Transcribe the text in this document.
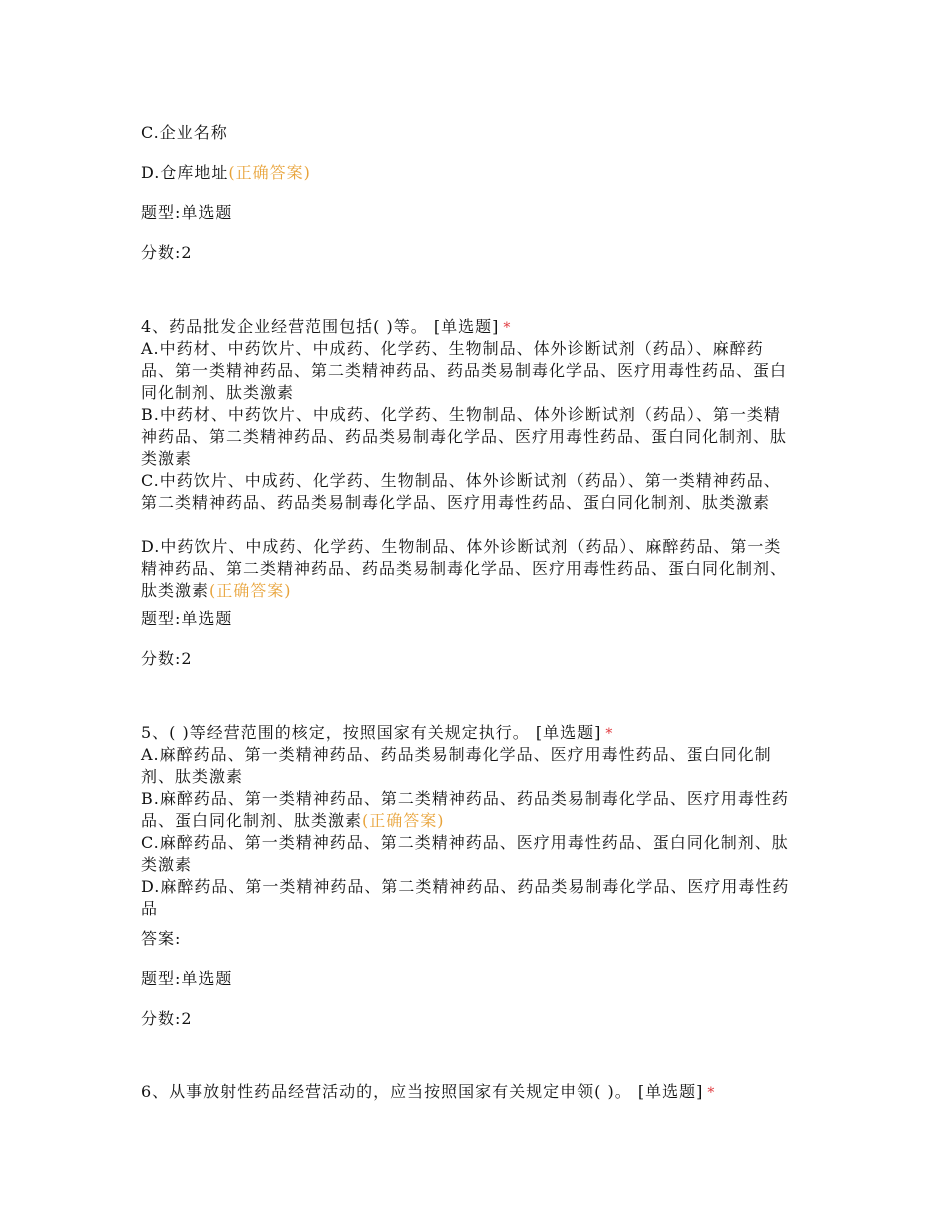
C.企业名称
D.仓库地址(正确答案)
题型:单选题
分数:2
4、药品批发企业经营范围包括( )等。 [单选题] *
A.中药材、中药饮片、中成药、化学药、生物制品、体外诊断试剂（药品）、麻醉药品、第一类精神药品、第二类精神药品、药品类易制毒化学品、医疗用毒性药品、蛋白同化制剂、肽类激素
B.中药材、中药饮片、中成药、化学药、生物制品、体外诊断试剂（药品）、第一类精神药品、第二类精神药品、药品类易制毒化学品、医疗用毒性药品、蛋白同化制剂、肽类激素
C.中药饮片、中成药、化学药、生物制品、体外诊断试剂（药品）、第一类精神药品、第二类精神药品、药品类易制毒化学品、医疗用毒性药品、蛋白同化制剂、肽类激素
D.中药饮片、中成药、化学药、生物制品、体外诊断试剂（药品）、麻醉药品、第一类精神药品、第二类精神药品、药品类易制毒化学品、医疗用毒性药品、蛋白同化制剂、肽类激素(正确答案)
题型:单选题
分数:2
5、( )等经营范围的核定，按照国家有关规定执行。 [单选题] *
A.麻醉药品、第一类精神药品、药品类易制毒化学品、医疗用毒性药品、蛋白同化制剂、肽类激素
B.麻醉药品、第一类精神药品、第二类精神药品、药品类易制毒化学品、医疗用毒性药品、蛋白同化制剂、肽类激素(正确答案)
C.麻醉药品、第一类精神药品、第二类精神药品、医疗用毒性药品、蛋白同化制剂、肽类激素
D.麻醉药品、第一类精神药品、第二类精神药品、药品类易制毒化学品、医疗用毒性药品
答案:
题型:单选题
分数:2
6、从事放射性药品经营活动的，应当按照国家有关规定申领( )。 [单选题] *
